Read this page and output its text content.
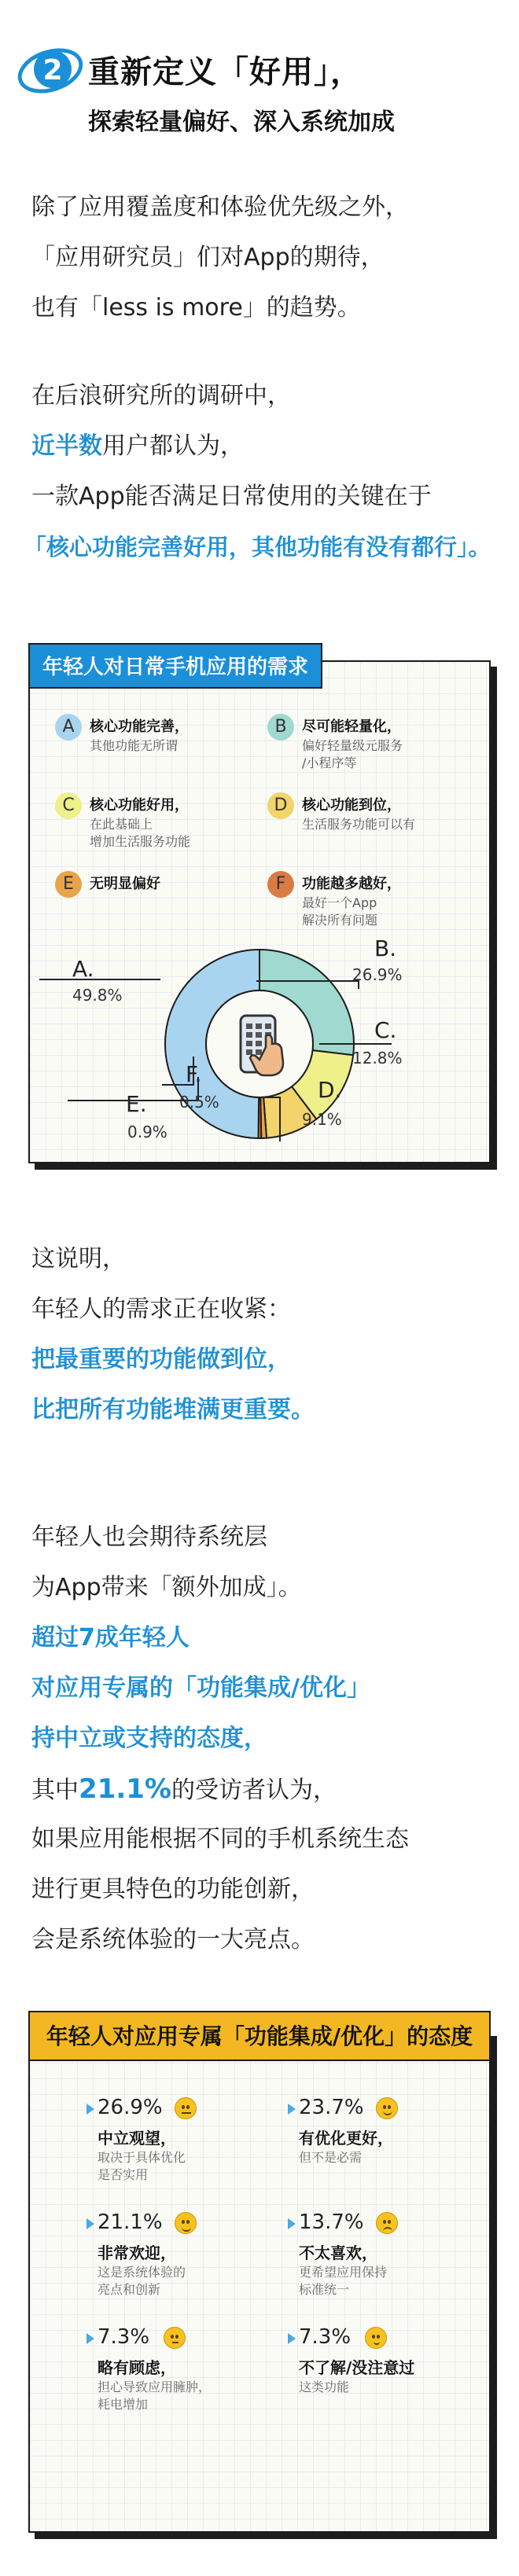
2 重新定义「好用」，
探索轻量偏好、深入系统加成
除了应用覆盖度和体验优先级之外，
「应用研究员」们对App的期待，
也有「less is more」的趋势。
在后浪研究所的调研中，
近半数用户都认为，
一款App能否满足日常使用的关键在于
「核心功能完善好用，其他功能有没有都行」。
年轻人对日常手机应用的需求
A	核心功能完善，
其他功能无所谓
B	尽可能轻量化，
偏好轻量级元服务
/小程序等
C	核心功能好用，
在此基础上
增加生活服务功能
D	核心功能到位，
生活服务功能可以有
E	无明显偏好	F	功能越多越好，
最好一个App
解决所有问题
A.
49.8%
B.
26.9%
C.
12.8%
D.
9.1%
F.
0.5%
E.
0.9%
这说明，
年轻人的需求正在收紧：
把最重要的功能做到位，
比把所有功能堆满更重要。
年轻人也会期待系统层
为App带来「额外加成」。
超过7成年轻人
对应用专属的「功能集成/优化」
持中立或支持的态度，
其中21.1%的受访者认为，
如果应用能根据不同的手机系统生态
进行更具特色的功能创新，
会是系统体验的一大亮点。
年轻人对应用专属「功能集成/优化」的态度
26.9%
中立观望，
取决于具体优化
是否实用
23.7%
有优化更好，
但不是必需
21.1%
非常欢迎，
这是系统体验的
亮点和创新
13.7%
不太喜欢，
更希望应用保持
标准统一
7.3%
略有顾虑，
担心导致应用臃肿，
耗电增加
7.3%
不了解/没注意过
这类功能
